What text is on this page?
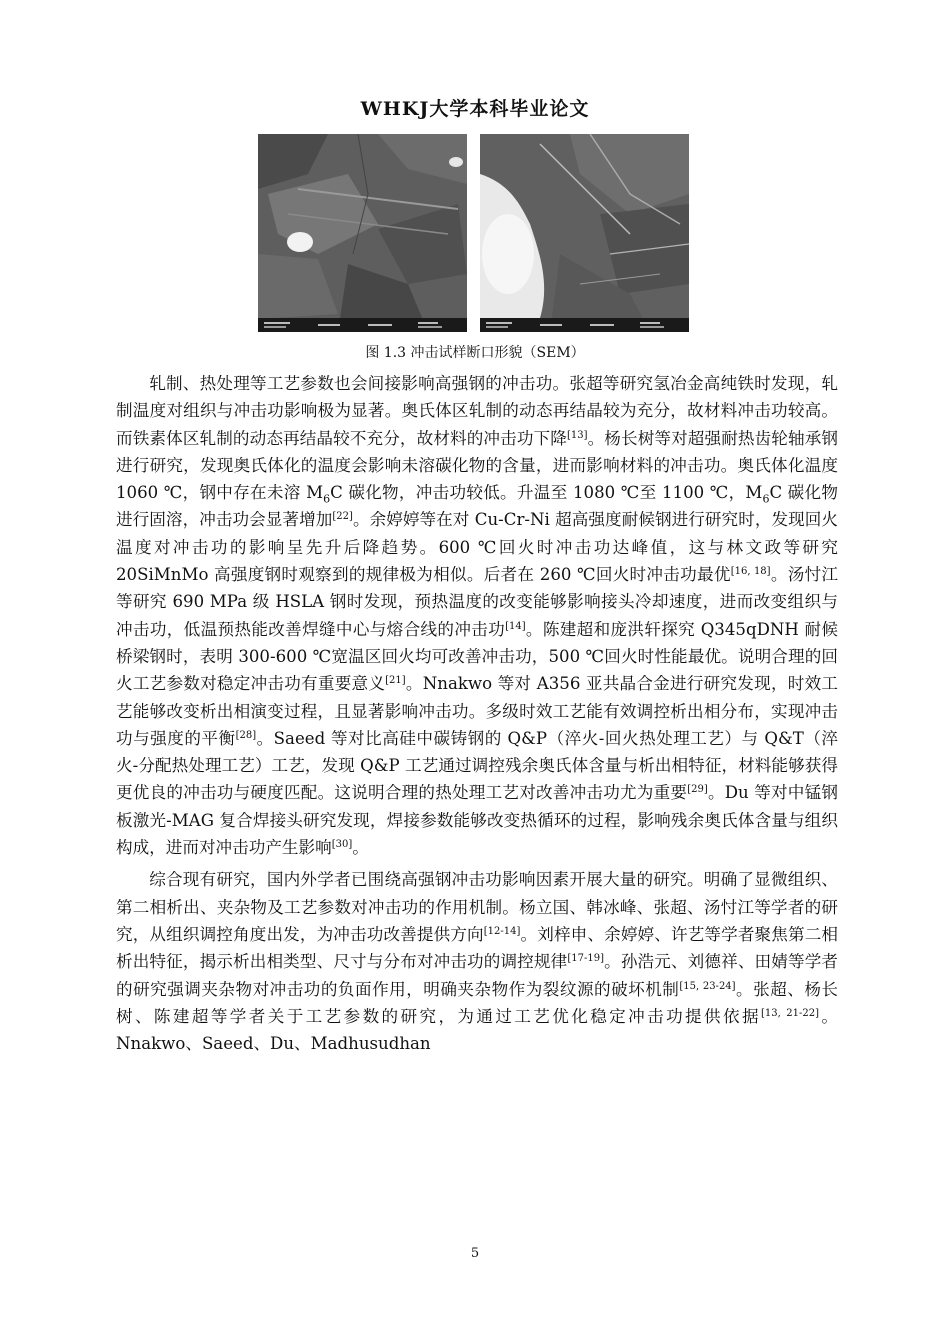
WHKJ大学本科毕业论文
图 1.3 冲击试样断口形貌（SEM）

轧制、热处理等工艺参数也会间接影响高强钢的冲击功。张超等研究氢冶金高纯铁时发现，轧制温度对组织与冲击功影响极为显著。奥氏体区轧制的动态再结晶较为充分，故材料冲击功较高。而铁素体区轧制的动态再结晶较不充分，故材料的冲击功下降[13]。杨长树等对超强耐热齿轮轴承钢进行研究，发现奥氏体化的温度会影响未溶碳化物的含量，进而影响材料的冲击功。奥氏体化温度 1060 ℃，钢中存在未溶 $M_6C$ 碳化物，冲击功较低。升温至 1080 ℃至 1100 ℃，$M_6C$ 碳化物进行固溶，冲击功会显著增加[22]。余婷婷等在对 Cu-Cr-Ni 超高强度耐候钢进行研究时，发现回火温度对冲击功的影响呈先升后降趋势。600 ℃回火时冲击功达峰值，这与林文政等研究 20SiMnMo 高强度钢时观察到的规律极为相似。后者在 260 ℃回火时冲击功最优[16, 18]。汤忖江等研究 690 MPa 级 HSLA 钢时发现，预热温度的改变能够影响接头冷却速度，进而改变组织与冲击功，低温预热能改善焊缝中心与熔合线的冲击功[14]。陈建超和庞洪轩探究 Q345qDNH 耐候桥梁钢时，表明 300-600 ℃宽温区回火均可改善冲击功，500 ℃回火时性能最优。说明合理的回火工艺参数对稳定冲击功有重要意义[21]。Nnakwo 等对 A356 亚共晶合金进行研究发现，时效工艺能够改变析出相演变过程，且显著影响冲击功。多级时效工艺能有效调控析出相分布，实现冲击功与强度的平衡[28]。Saeed 等对比高硅中碳铸钢的 Q&P（淬火-回火热处理工艺）与 Q&T（淬火-分配热处理工艺）工艺，发现 Q&P 工艺通过调控残余奥氏体含量与析出相特征，材料能够获得更优良的冲击功与硬度匹配。这说明合理的热处理工艺对改善冲击功尤为重要[29]。Du 等对中锰钢板激光-MAG 复合焊接头研究发现，焊接参数能够改变热循环的过程，影响残余奥氏体含量与组织构成，进而对冲击功产生影响[30]。

综合现有研究，国内外学者已围绕高强钢冲击功影响因素开展大量的研究。明确了显微组织、第二相析出、夹杂物及工艺参数对冲击功的作用机制。杨立国、韩冰峰、张超、汤忖江等学者的研究，从组织调控角度出发，为冲击功改善提供方向[12-14]。刘梓申、余婷婷、许艺等学者聚焦第二相析出特征，揭示析出相类型、尺寸与分布对冲击功的调控规律[17-19]。孙浩元、刘德祥、田婧等学者的研究强调夹杂物对冲击功的负面作用，明确夹杂物作为裂纹源的破坏机制[15, 23-24]。张超、杨长树、陈建超等学者关于工艺参数的研究，为通过工艺优化稳定冲击功提供依据[13, 21-22]。Nnakwo、Saeed、Du、Madhusudhan

5
